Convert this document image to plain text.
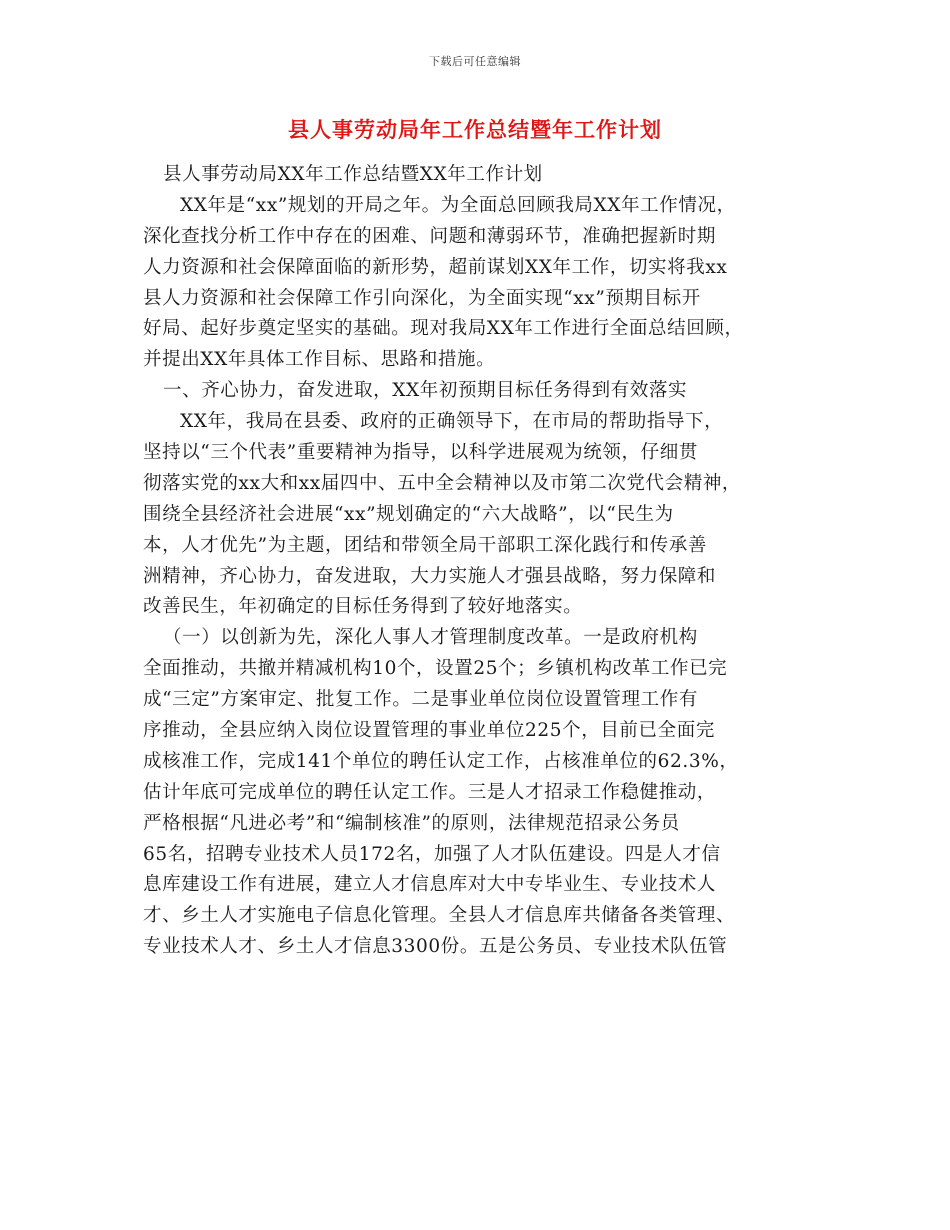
下载后可任意编辑
县人事劳动局年工作总结暨年工作计划
县人事劳动局XX年工作总结暨XX年工作计划
XX年是“xx”规划的开局之年。为全面总回顾我局XX年工作情况，
深化查找分析工作中存在的困难、问题和薄弱环节，准确把握新时期
人力资源和社会保障面临的新形势，超前谋划XX年工作，切实将我xx
县人力资源和社会保障工作引向深化，为全面实现“xx”预期目标开
好局、起好步奠定坚实的基础。现对我局XX年工作进行全面总结回顾，
并提出XX年具体工作目标、思路和措施。
一、齐心协力，奋发进取，XX年初预期目标任务得到有效落实
XX年，我局在县委、政府的正确领导下，在市局的帮助指导下，
坚持以“三个代表”重要精神为指导，以科学进展观为统领，仔细贯
彻落实党的xx大和xx届四中、五中全会精神以及市第二次党代会精神，
围绕全县经济社会进展“xx”规划确定的“六大战略”，以“民生为
本，人才优先”为主题，团结和带领全局干部职工深化践行和传承善
洲精神，齐心协力，奋发进取，大力实施人才强县战略，努力保障和
改善民生，年初确定的目标任务得到了较好地落实。
（一）以创新为先，深化人事人才管理制度改革。一是政府机构
全面推动，共撤并精减机构10个，设置25个；乡镇机构改革工作已完
成“三定”方案审定、批复工作。二是事业单位岗位设置管理工作有
序推动，全县应纳入岗位设置管理的事业单位225个，目前已全面完
成核准工作，完成141个单位的聘任认定工作，占核准单位的62.3%，
估计年底可完成单位的聘任认定工作。三是人才招录工作稳健推动，
严格根据“凡进必考”和“编制核准”的原则，法律规范招录公务员
65名，招聘专业技术人员172名，加强了人才队伍建设。四是人才信
息库建设工作有进展，建立人才信息库对大中专毕业生、专业技术人
才、乡土人才实施电子信息化管理。全县人才信息库共储备各类管理、
专业技术人才、乡土人才信息3300份。五是公务员、专业技术队伍管
